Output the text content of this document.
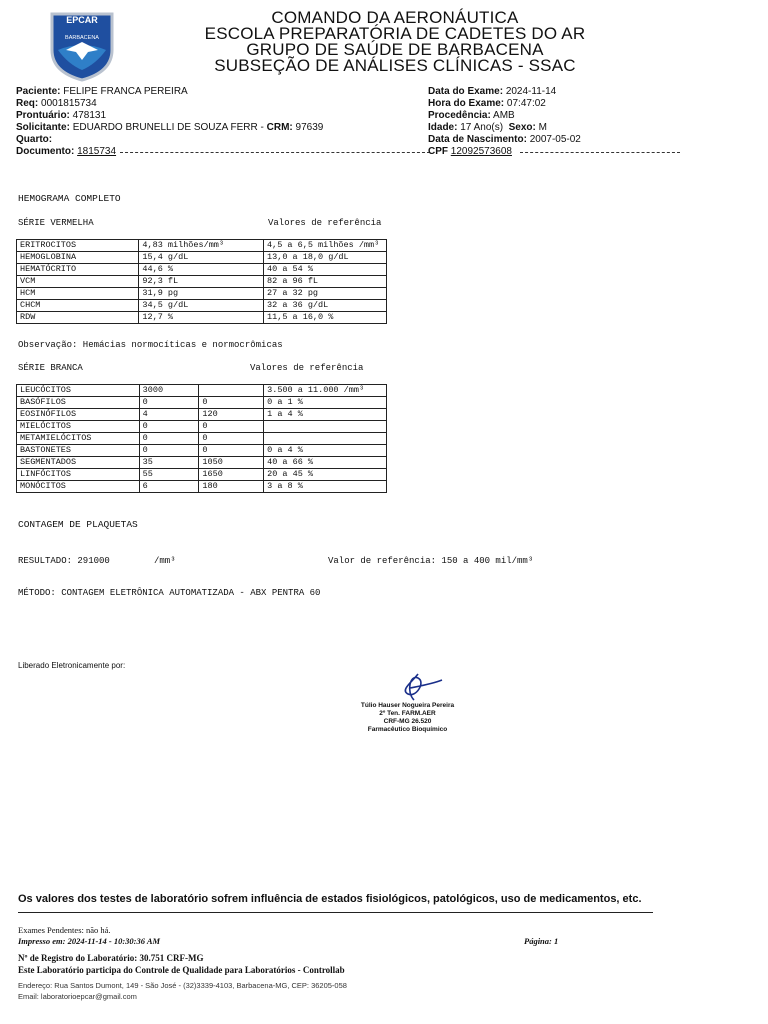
EPCAR
BARBACENA
COMANDO DA AERONÁUTICA
ESCOLA PREPARATÓRIA DE CADETES DO AR
GRUPO DE SAÚDE DE BARBACENA
SUBSEÇÃO DE ANÁLISES CLÍNICAS - SSAC
Paciente: FELIPE FRANCA PEREIRA
Req: 0001815734
Prontuário: 478131
Solicitante: EDUARDO BRUNELLI DE SOUZA FERR - CRM: 97639
Quarto:
Documento: 1815734
Data do Exame: 2024-11-14
Hora do Exame: 07:47:02
Procedência: AMB
Idade: 17 Ano(s) Sexo: M
Data de Nascimento: 2007-05-02
CPF 12092573608
HEMOGRAMA COMPLETO
SÉRIE VERMELHA	Valores de referência
ERITROCITOS	4,83 milhões/mm³	4,5 a 6,5 milhões /mm³
HEMOGLOBINA	15,4 g/dL	13,0 a 18,0 g/dL
HEMATÓCRITO	44,6 %	40 a 54 %
VCM	92,3 fL	82 a 96 fL
HCM	31,9 pg	27 a 32 pg
CHCM	34,5 g/dL	32 a 36 g/dL
RDW	12,7 %	11,5 a 16,0 %
Observação: Hemácias normocíticas e normocrômicas
SÉRIE BRANCA	Valores de referência
LEUCÓCITOS	3000		3.500 a 11.000 /mm³
BASÓFILOS	0	0	0 a 1 %
EOSINÓFILOS	4	120	1 a 4 %
MIELÓCITOS	0	0	
METAMIELÓCITOS	0	0	
BASTONETES	0	0	0 a 4 %
SEGMENTADOS	35	1050	40 a 66 %
LINFÓCITOS	55	1650	20 a 45 %
MONÓCITOS	6	180	3 a 8 %
CONTAGEM DE PLAQUETAS
RESULTADO: 291000	/mm³	Valor de referência: 150 a 400 mil/mm³
MÉTODO: CONTAGEM ELETRÔNICA AUTOMATIZADA - ABX PENTRA 60
Liberado Eletronicamente por:
Túlio Hauser Nogueira Pereira
2º Ten. FARM.AER
CRF-MG 26.520
Farmacêutico Bioquímico
Os valores dos testes de laboratório sofrem influência de estados fisiológicos, patológicos, uso de medicamentos, etc.
Exames Pendentes: não há.
Impresso em: 2024-11-14 - 10:30:36 AM	Página: 1
Nº de Registro do Laboratório: 30.751 CRF-MG
Este Laboratório participa do Controle de Qualidade para Laboratórios - Controllab
Endereço: Rua Santos Dumont, 149 - São José - (32)3339-4103, Barbacena-MG, CEP: 36205-058
Email: laboratorioepcar@gmail.com
